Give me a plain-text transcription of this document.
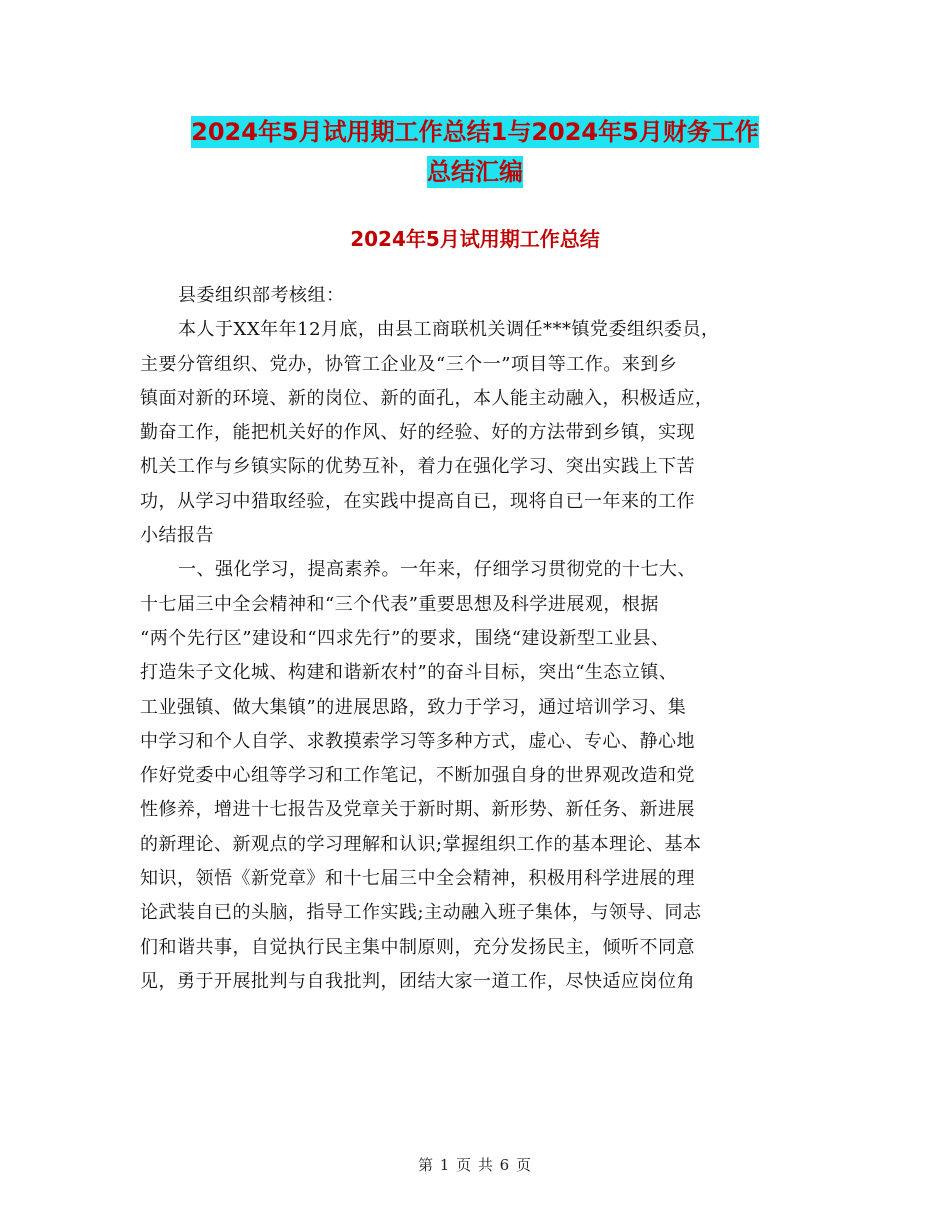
2024年5月试用期工作总结1与2024年5月财务工作
总结汇编
2024年5月试用期工作总结

县委组织部考核组：

本人于XX年年12月底，由县工商联机关调任***镇党委组织委员，

主要分管组织、党办，协管工企业及“三个一”项目等工作。来到乡

镇面对新的环境、新的岗位、新的面孔，本人能主动融入，积极适应，

勤奋工作，能把机关好的作风、好的经验、好的方法带到乡镇，实现

机关工作与乡镇实际的优势互补，着力在强化学习、突出实践上下苦

功，从学习中猎取经验，在实践中提高自已，现将自已一年来的工作

小结报告

一、强化学习，提高素养。一年来，仔细学习贯彻党的十七大、

十七届三中全会精神和“三个代表”重要思想及科学进展观，根据

“两个先行区”建设和“四求先行”的要求，围绕“建设新型工业县、

打造朱子文化城、构建和谐新农村”的奋斗目标，突出“生态立镇、

工业强镇、做大集镇”的进展思路，致力于学习，通过培训学习、集

中学习和个人自学、求教摸索学习等多种方式，虚心、专心、静心地

作好党委中心组等学习和工作笔记，不断加强自身的世界观改造和党

性修养，增进十七报告及党章关于新时期、新形势、新任务、新进展

的新理论、新观点的学习理解和认识;掌握组织工作的基本理论、基本

知识，领悟《新党章》和十七届三中全会精神，积极用科学进展的理

论武装自已的头脑，指导工作实践;主动融入班子集体，与领导、同志

们和谐共事，自觉执行民主集中制原则，充分发扬民主，倾听不同意

见，勇于开展批判与自我批判，团结大家一道工作，尽快适应岗位角

第 1 页 共 6 页
